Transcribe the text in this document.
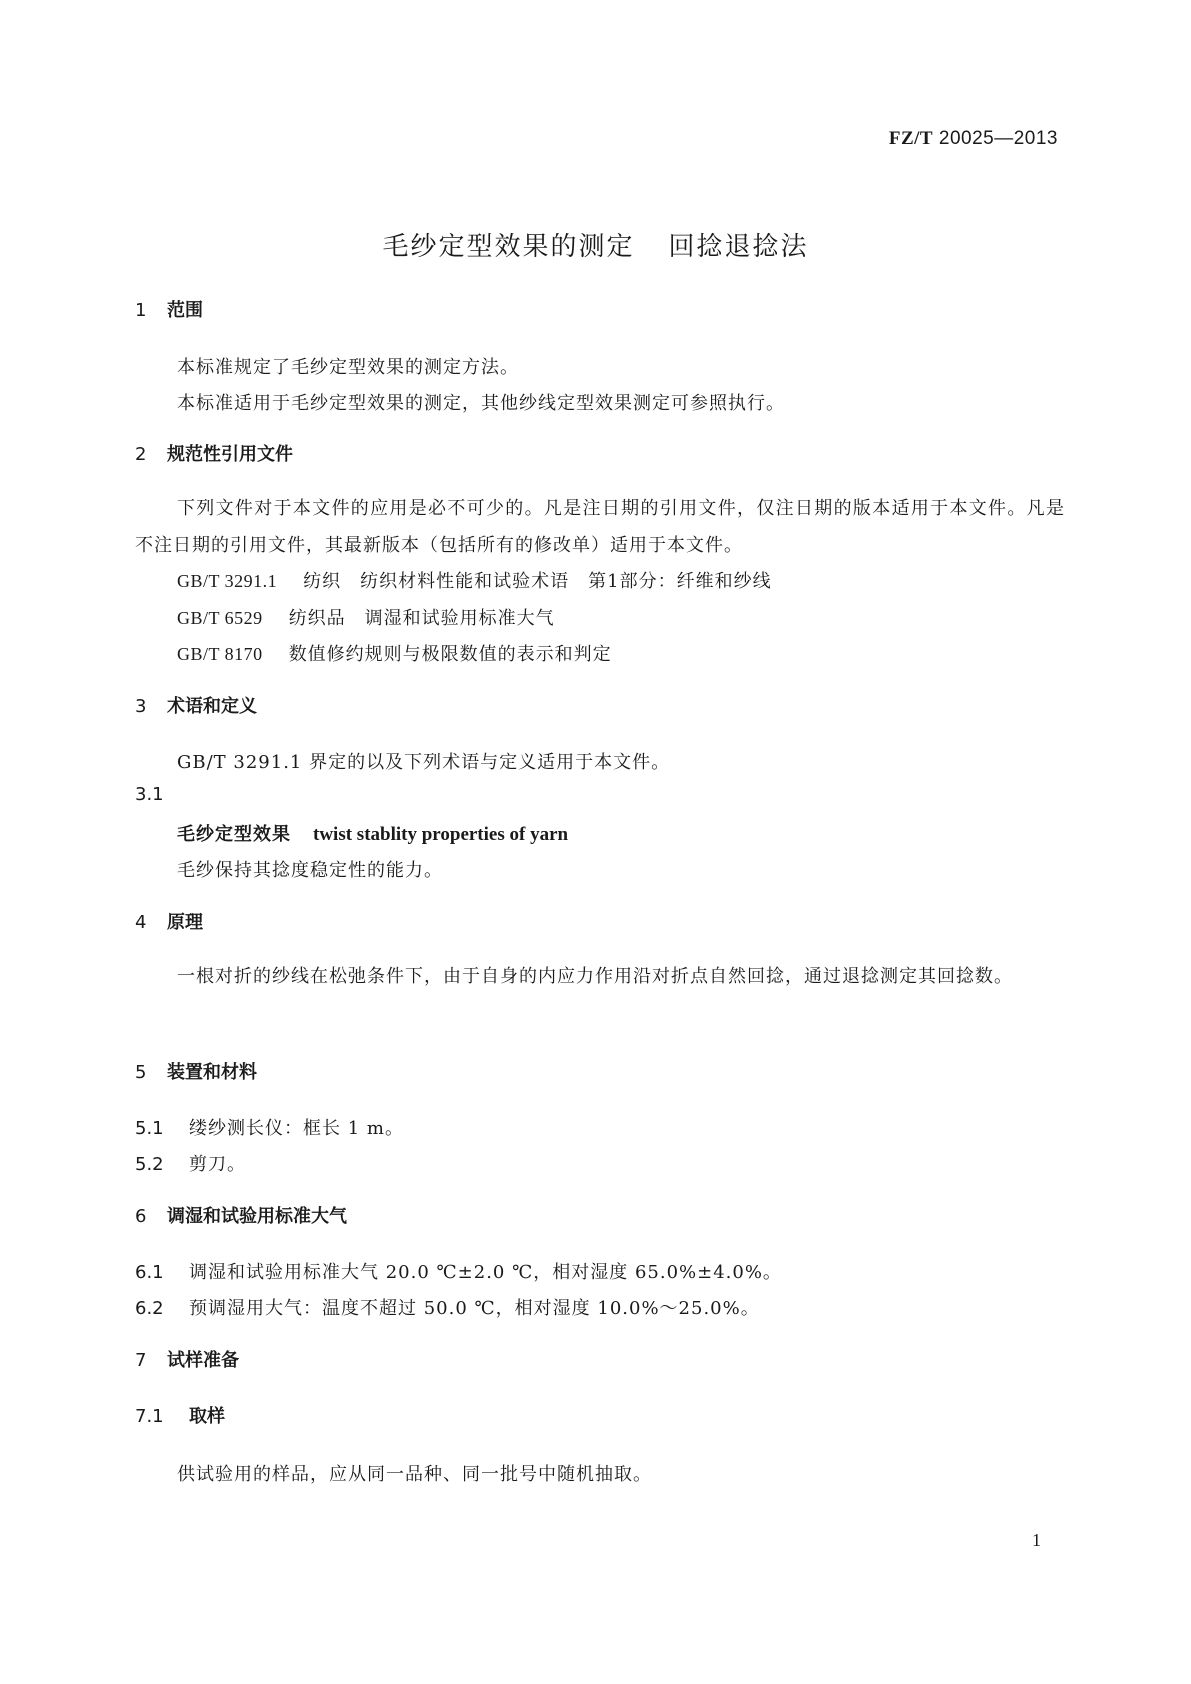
FZ/T 20025—2013
毛纱定型效果的测定 回捻退捻法
1 范围
本标准规定了毛纱定型效果的测定方法。
本标准适用于毛纱定型效果的测定，其他纱线定型效果测定可参照执行。
2 规范性引用文件
下列文件对于本文件的应用是必不可少的。凡是注日期的引用文件，仅注日期的版本适用于本文件。凡是不注日期的引用文件，其最新版本（包括所有的修改单）适用于本文件。
GB/T 3291.1 纺织　纺织材料性能和试验术语　第1部分：纤维和纱线
GB/T 6529 纺织品　调湿和试验用标准大气
GB/T 8170 数值修约规则与极限数值的表示和判定
3 术语和定义
GB/T 3291.1 界定的以及下列术语与定义适用于本文件。
3.1
毛纱定型效果 twist stablity properties of yarn
毛纱保持其捻度稳定性的能力。
4 原理
一根对折的纱线在松弛条件下，由于自身的内应力作用沿对折点自然回捻，通过退捻测定其回捻数。
5 装置和材料
5.1 缕纱测长仪：框长 1 m。
5.2 剪刀。
6 调湿和试验用标准大气
6.1 调湿和试验用标准大气 20.0 ℃±2.0 ℃，相对湿度 65.0%±4.0%。
6.2 预调湿用大气：温度不超过 50.0 ℃，相对湿度 10.0%～25.0%。
7 试样准备
7.1 取样
供试验用的样品，应从同一品种、同一批号中随机抽取。
1
